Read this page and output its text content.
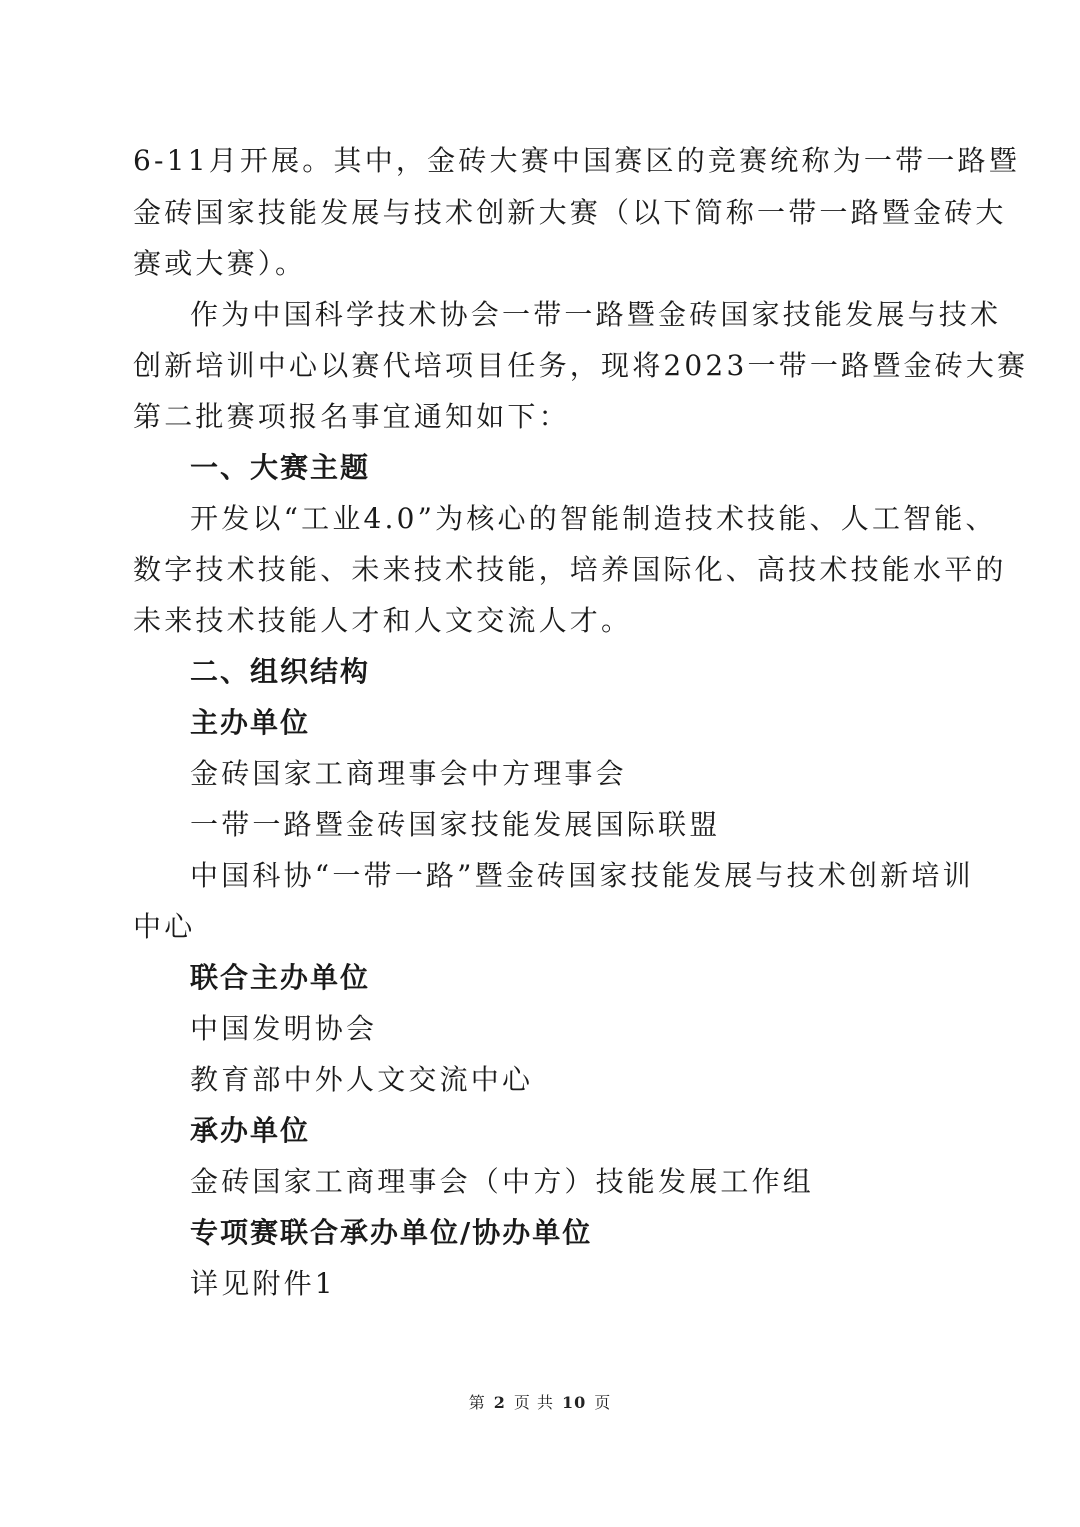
6-11月开展。其中，金砖大赛中国赛区的竞赛统称为一带一路暨
金砖国家技能发展与技术创新大赛（以下简称一带一路暨金砖大
赛或大赛）。
作为中国科学技术协会一带一路暨金砖国家技能发展与技术
创新培训中心以赛代培项目任务，现将2023一带一路暨金砖大赛
第二批赛项报名事宜通知如下：
一、大赛主题
开发以“工业4.0”为核心的智能制造技术技能、人工智能、
数字技术技能、未来技术技能，培养国际化、高技术技能水平的
未来技术技能人才和人文交流人才。
二、组织结构
主办单位
金砖国家工商理事会中方理事会
一带一路暨金砖国家技能发展国际联盟
中国科协“一带一路”暨金砖国家技能发展与技术创新培训
中心
联合主办单位
中国发明协会
教育部中外人文交流中心
承办单位
金砖国家工商理事会（中方）技能发展工作组
专项赛联合承办单位/协办单位
详见附件1
第 2 页 共 10 页
